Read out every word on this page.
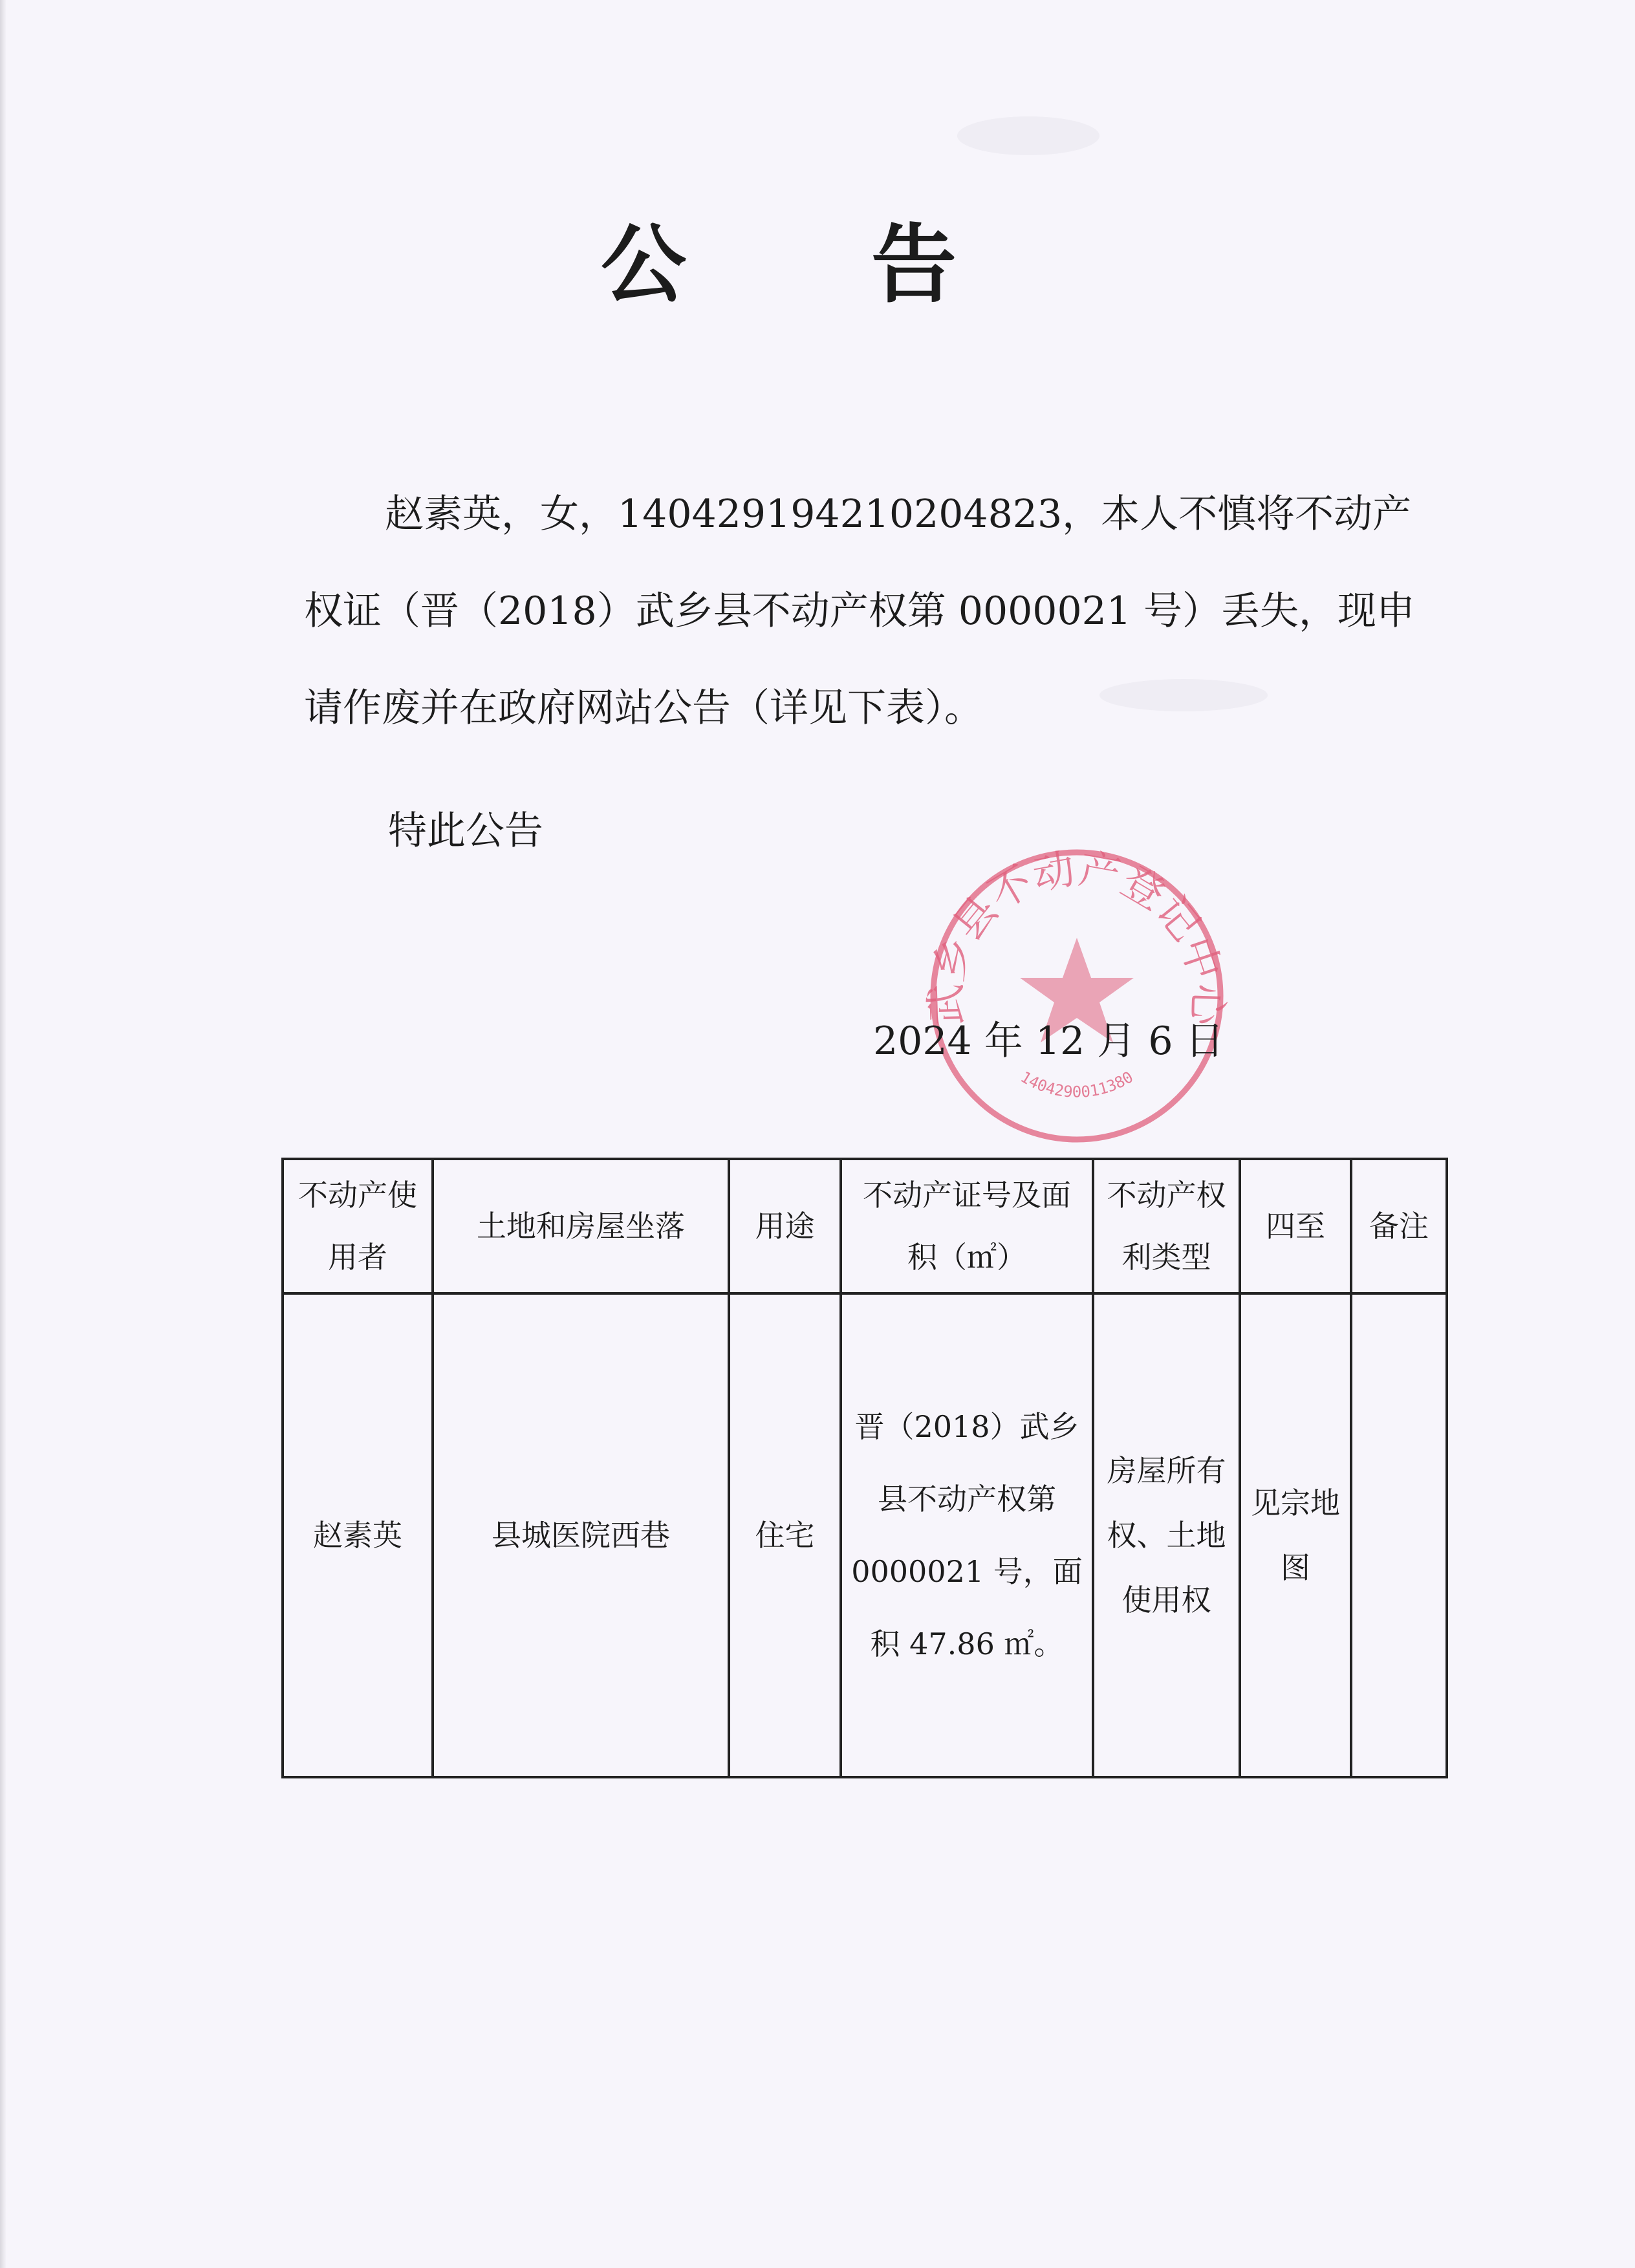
公 告
赵素英，女，140429194210204823，本人不慎将不动产权证（晋（2018）武乡县不动产权第 0000021 号）丢失，现申请作废并在政府网站公告（详见下表）。
特此公告
武乡县不动产登记中心
1404290011380
2024 年 12 月 6 日
不动产使用者	土地和房屋坐落	用途	不动产证号及面积（㎡）	不动产权利类型	四至	备注
赵素英	县城医院西巷	住宅	晋（2018）武乡县不动产权第 0000021 号，面积 47.86 ㎡。	房屋所有权、土地使用权	见宗地图	
